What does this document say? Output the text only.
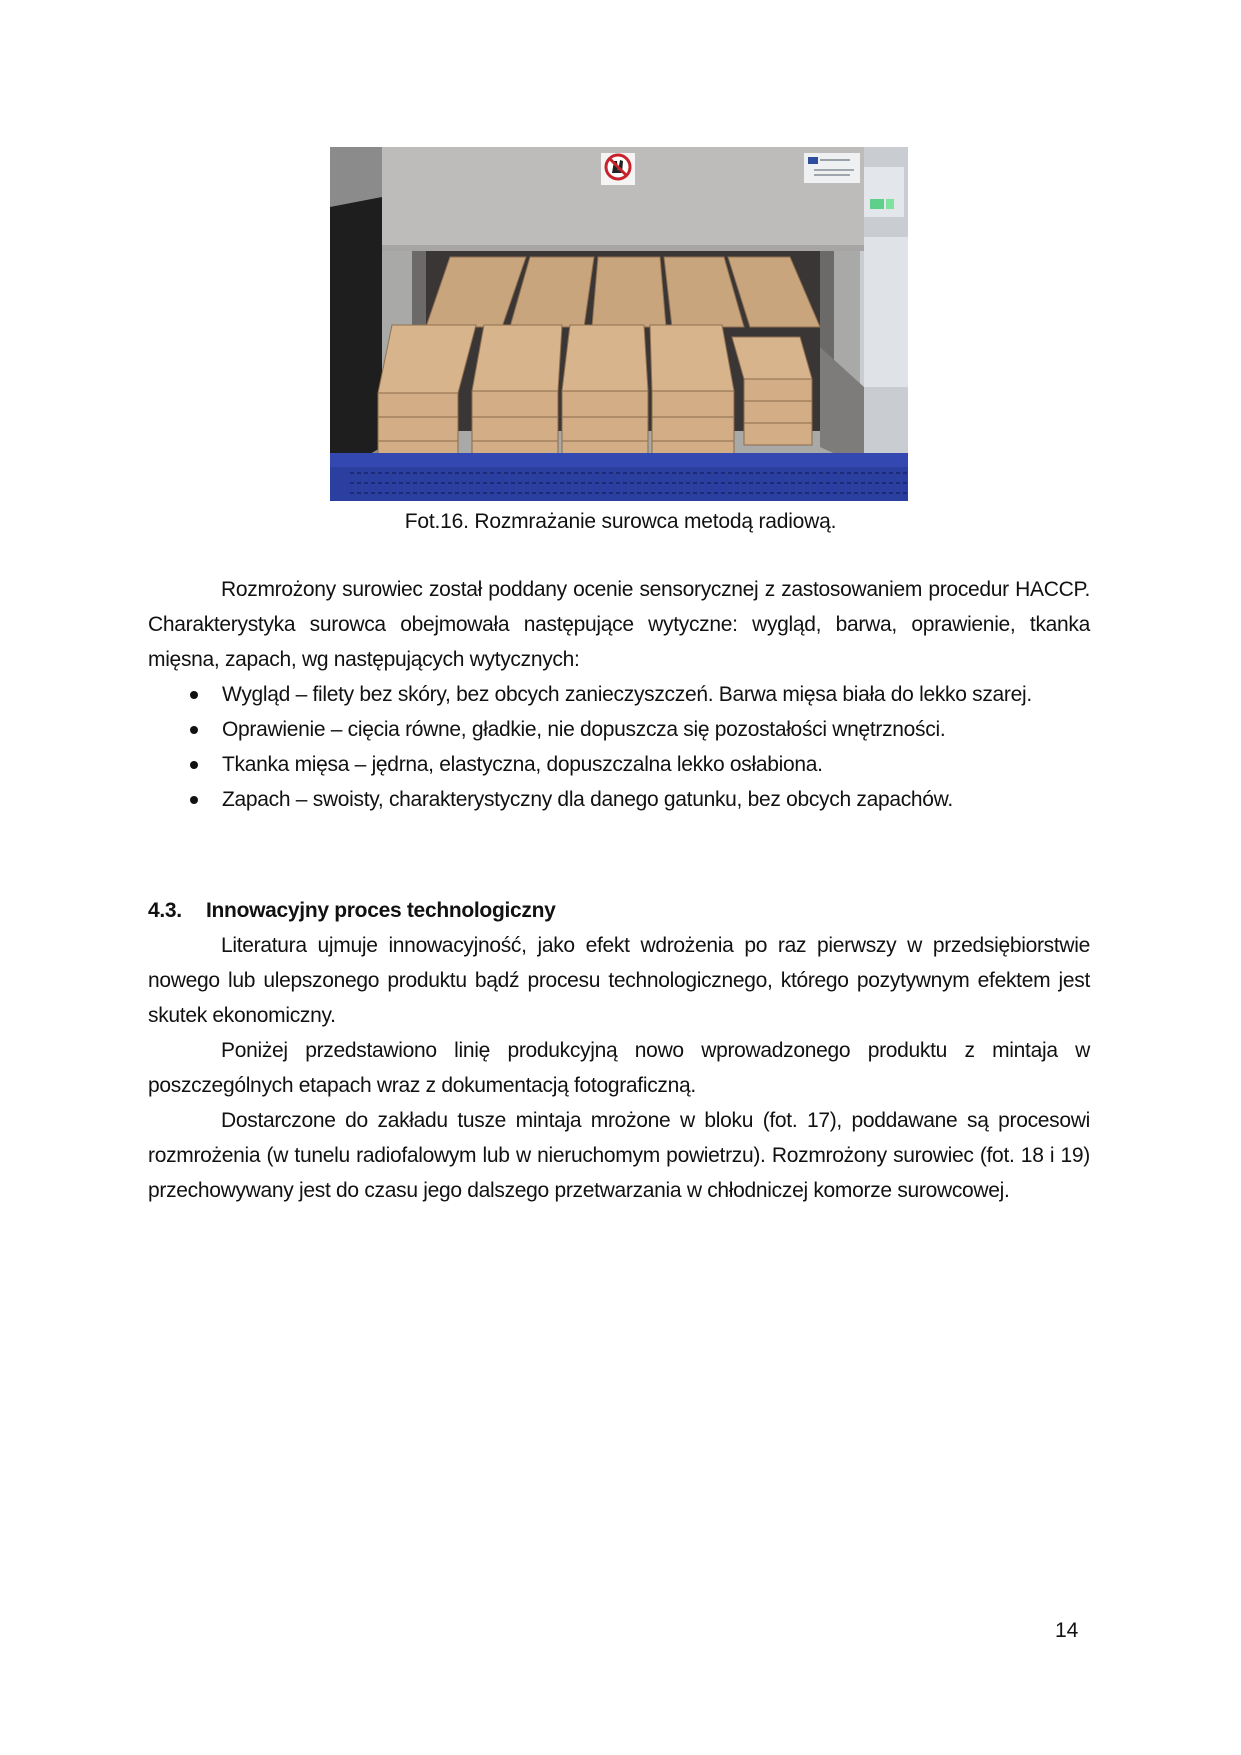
Fot.16. Rozmrażanie surowca metodą radiową.

Rozmrożony surowiec został poddany ocenie sensorycznej z zastosowaniem procedur HACCP. Charakterystyka surowca obejmowała następujące wytyczne: wygląd, barwa, oprawienie, tkanka mięsna, zapach, wg następujących wytycznych:

Wygląd – filety bez skóry, bez obcych zanieczyszczeń. Barwa mięsa biała do lekko szarej.
Oprawienie – cięcia równe, gładkie, nie dopuszcza się pozostałości wnętrzności.
Tkanka mięsa – jędrna, elastyczna, dopuszczalna lekko osłabiona.
Zapach – swoisty, charakterystyczny dla danego gatunku, bez obcych zapachów.
4.3. Innowacyjny proces technologiczny

Literatura ujmuje innowacyjność, jako efekt wdrożenia po raz pierwszy w przedsiębiorstwie nowego lub ulepszonego produktu bądź procesu technologicznego, którego pozytywnym efektem jest skutek ekonomiczny.

Poniżej przedstawiono linię produkcyjną nowo wprowadzonego produktu z mintaja w poszczególnych etapach wraz z dokumentacją fotograficzną.

Dostarczone do zakładu tusze mintaja mrożone w bloku (fot. 17), poddawane są procesowi rozmrożenia (w tunelu radiofalowym lub w nieruchomym powietrzu). Rozmrożony surowiec (fot. 18 i 19) przechowywany jest do czasu jego dalszego przetwarzania w chłodniczej komorze surowcowej.

14
